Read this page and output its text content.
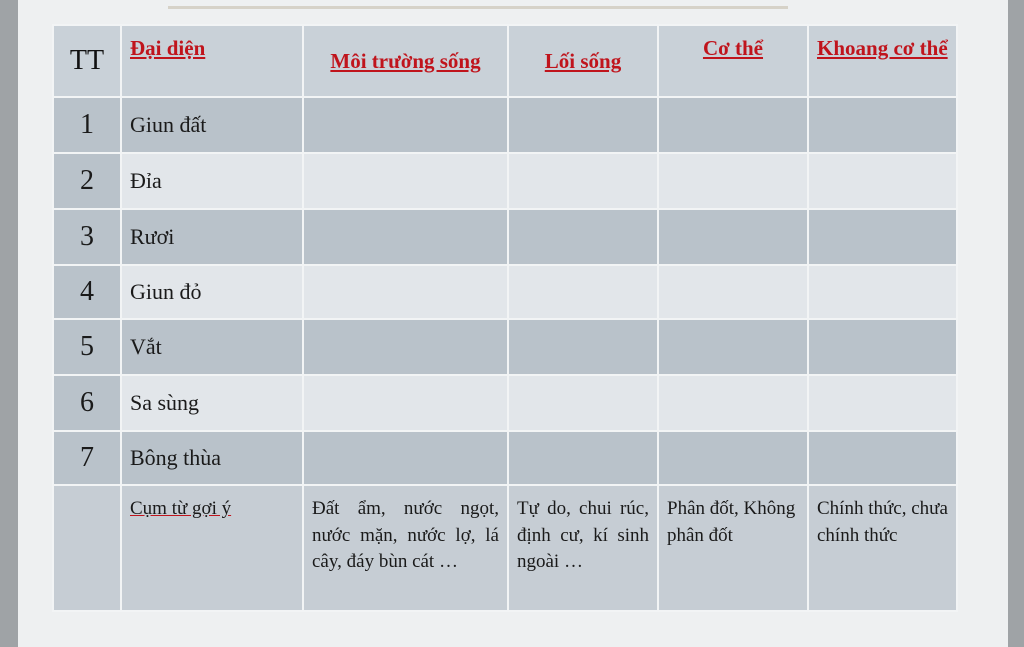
TT	Đại diện	Môi trường sống	Lối sống	Cơ thể	Khoang cơ thể
1	Giun đất				
2	Đỉa				
3	Rươi				
4	Giun đỏ				
5	Vắt				
6	Sa sùng				
7	Bông thùa				
	Cụm từ gợi ý	Đất ẩm, nước ngọt, nước mặn, nước lợ, lá cây, đáy bùn cát …	Tự do, chui rúc, định cư, kí sinh ngoài …	Phân đốt, Không phân đốt	Chính thức, chưa chính thức
